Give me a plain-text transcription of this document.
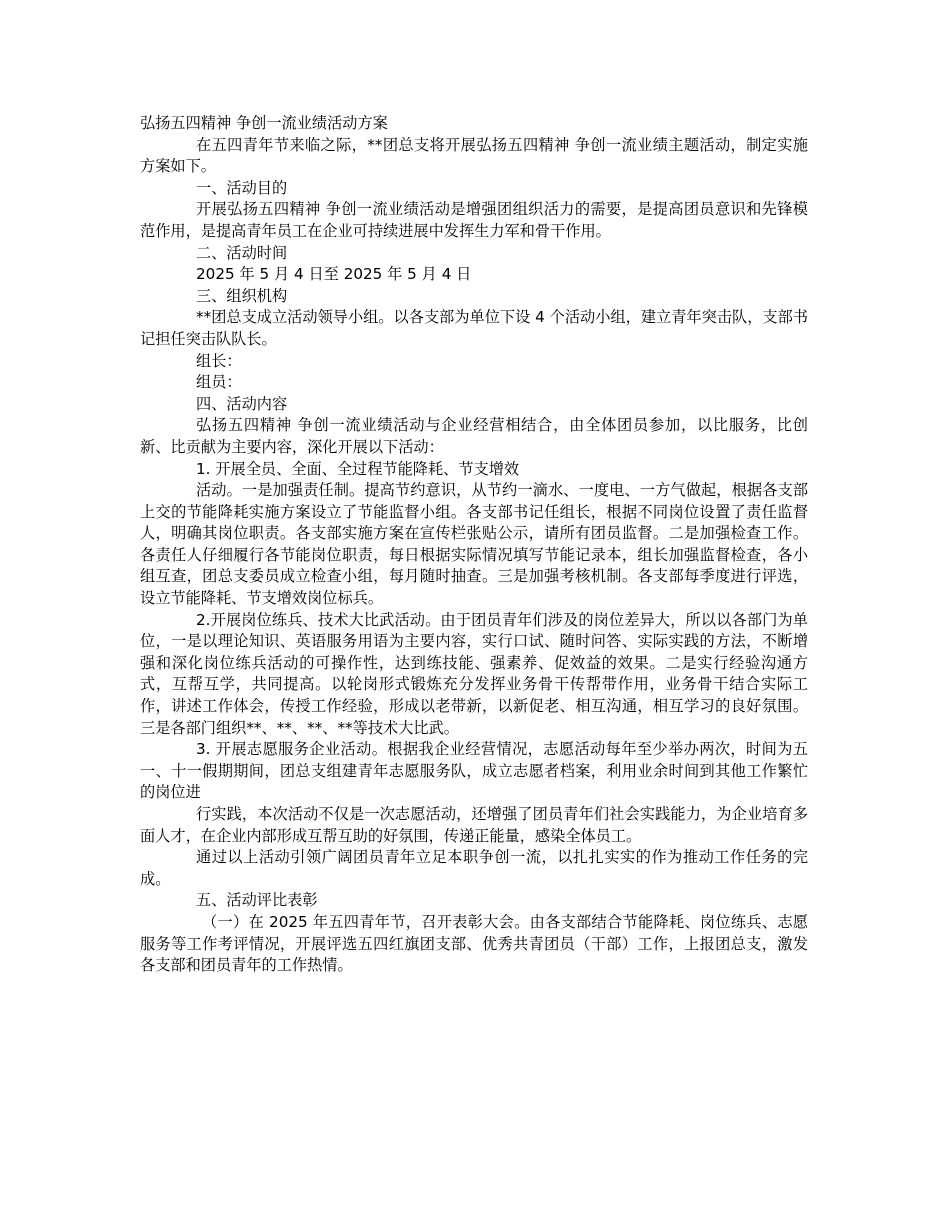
弘扬五四精神 争创一流业绩活动方案

在五四青年节来临之际，**团总支将开展弘扬五四精神 争创一流业绩主题活动，制定实施方案如下。

一、活动目的

开展弘扬五四精神 争创一流业绩活动是增强团组织活力的需要，是提高团员意识和先锋模范作用，是提高青年员工在企业可持续进展中发挥生力军和骨干作用。

二、活动时间

2025 年 5 月 4 日至 2025 年 5 月 4 日

三、组织机构

**团总支成立活动领导小组。以各支部为单位下设 4 个活动小组，建立青年突击队，支部书记担任突击队队长。

组长：

组员：

四、活动内容

弘扬五四精神 争创一流业绩活动与企业经营相结合，由全体团员参加，以比服务，比创新、比贡献为主要内容，深化开展以下活动：

1. 开展全员、全面、全过程节能降耗、节支增效

活动。一是加强责任制。提高节约意识，从节约一滴水、一度电、一方气做起，根据各支部上交的节能降耗实施方案设立了节能监督小组。各支部书记任组长，根据不同岗位设置了责任监督人，明确其岗位职责。各支部实施方案在宣传栏张贴公示，请所有团员监督。二是加强检查工作。各责任人仔细履行各节能岗位职责，每日根据实际情况填写节能记录本，组长加强监督检查，各小组互查，团总支委员成立检查小组，每月随时抽查。三是加强考核机制。各支部每季度进行评选，设立节能降耗、节支增效岗位标兵。

2.开展岗位练兵、技术大比武活动。由于团员青年们涉及的岗位差异大，所以以各部门为单位，一是以理论知识、英语服务用语为主要内容，实行口试、随时问答、实际实践的方法，不断增强和深化岗位练兵活动的可操作性，达到练技能、强素养、促效益的效果。二是实行经验沟通方式，互帮互学，共同提高。以轮岗形式锻炼充分发挥业务骨干传帮带作用，业务骨干结合实际工作，讲述工作体会，传授工作经验，形成以老带新，以新促老、相互沟通，相互学习的良好氛围。三是各部门组织**、**、**、**等技术大比武。

3. 开展志愿服务企业活动。根据我企业经营情况，志愿活动每年至少举办两次，时间为五一、十一假期期间，团总支组建青年志愿服务队，成立志愿者档案，利用业余时间到其他工作繁忙的岗位进

行实践，本次活动不仅是一次志愿活动，还增强了团员青年们社会实践能力，为企业培育多面人才，在企业内部形成互帮互助的好氛围，传递正能量，感染全体员工。

通过以上活动引领广阔团员青年立足本职争创一流，以扎扎实实的作为推动工作任务的完成。

五、活动评比表彰

（一）在 2025 年五四青年节，召开表彰大会。由各支部结合节能降耗、岗位练兵、志愿服务等工作考评情况，开展评选五四红旗团支部、优秀共青团员（干部）工作，上报团总支，激发各支部和团员青年的工作热情。
